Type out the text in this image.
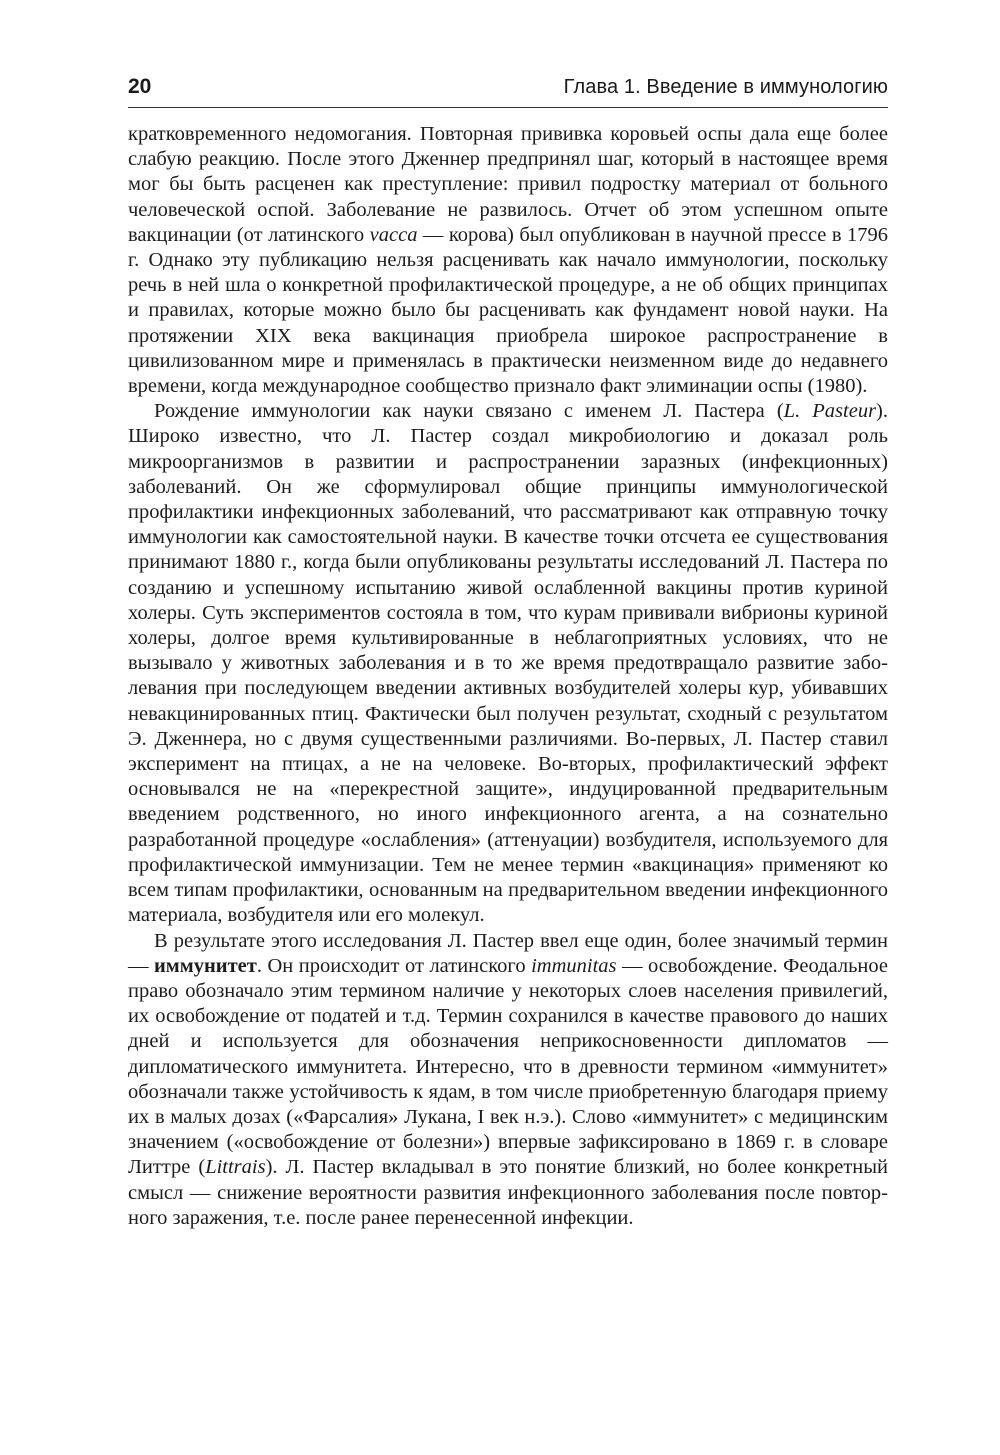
20	Глава 1. Введение в иммунологию

кратковременного недомогания. Повторная прививка коровьей оспы дала еще более слабую реакцию. После этого Дженнер предпринял шаг, который в настоящее время мог бы быть расценен как преступление: привил подростку материал от больного человеческой оспой. Заболевание не развилось. Отчет об этом успешном опыте вакцинации (от латинского vacca — корова) был опубликован в научной прессе в 1796 г. Однако эту публикацию нельзя расценивать как начало иммунологии, поскольку речь в ней шла о конкретной профилактической процедуре, а не об общих принципах и правилах, которые можно было бы расценивать как фундамент новой науки. На протяжении XIX века вакцинация приобрела широкое распространение в цивилизованном мире и применялась в практически неизменном виде до недавнего времени, когда международное сообщество признало факт элиминации оспы (1980).

Рождение иммунологии как науки связано с именем Л. Пастера (L. Pasteur). Широко известно, что Л. Пастер создал микробиологию и доказал роль микроорганизмов в развитии и распространении заразных (инфекционных) заболеваний. Он же сформулировал общие принципы иммунологической профилактики инфекционных заболеваний, что рассматривают как отправную точку иммунологии как самостоятельной науки. В качестве точки отсчета ее существования принимают 1880 г., когда были опубликованы результаты исследований Л. Пастера по созданию и успешному испытанию живой ослабленной вакцины против куриной холеры. Суть экспериментов состояла в том, что курам прививали вибрионы куриной холеры, долгое время культивированные в неблагоприятных условиях, что не вызывало у животных заболевания и в то же время предотвращало развитие заболевания при последующем введении активных возбудителей холеры кур, убивавших невакцинированных птиц. Фактически был получен результат, сходный с результатом Э. Дженнера, но с двумя существенными различиями. Во-первых, Л. Пастер ставил эксперимент на птицах, а не на человеке. Во-вторых, профилактический эффект основывался не на «перекрестной защите», индуцированной предварительным введением родственного, но иного инфекционного агента, а на сознательно разработанной процедуре «ослабления» (аттенуации) возбудителя, используемого для профилактической иммунизации. Тем не менее термин «вакцинация» применяют ко всем типам профилактики, основанным на предварительном введении инфекционного материала, возбудителя или его молекул.

В результате этого исследования Л. Пастер ввел еще один, более значимый термин — иммунитет. Он происходит от латинского immunitas — освобождение. Феодальное право обозначало этим термином наличие у некоторых слоев населения привилегий, их освобождение от податей и т.д. Термин сохранился в качестве правового до наших дней и используется для обозначения неприкосновенности дипломатов — дипломатического иммунитета. Интересно, что в древности термином «иммунитет» обозначали также устойчивость к ядам, в том числе приобретенную благодаря приему их в малых дозах («Фарсалия» Лукана, I век н.э.). Слово «иммунитет» с медицинским значением («освобождение от болезни») впервые зафиксировано в 1869 г. в словаре Литтре (Littrais). Л. Пастер вкладывал в это понятие близкий, но более конкретный смысл — снижение вероятности развития инфекционного заболевания после повторного заражения, т.е. после ранее перенесенной инфекции.
